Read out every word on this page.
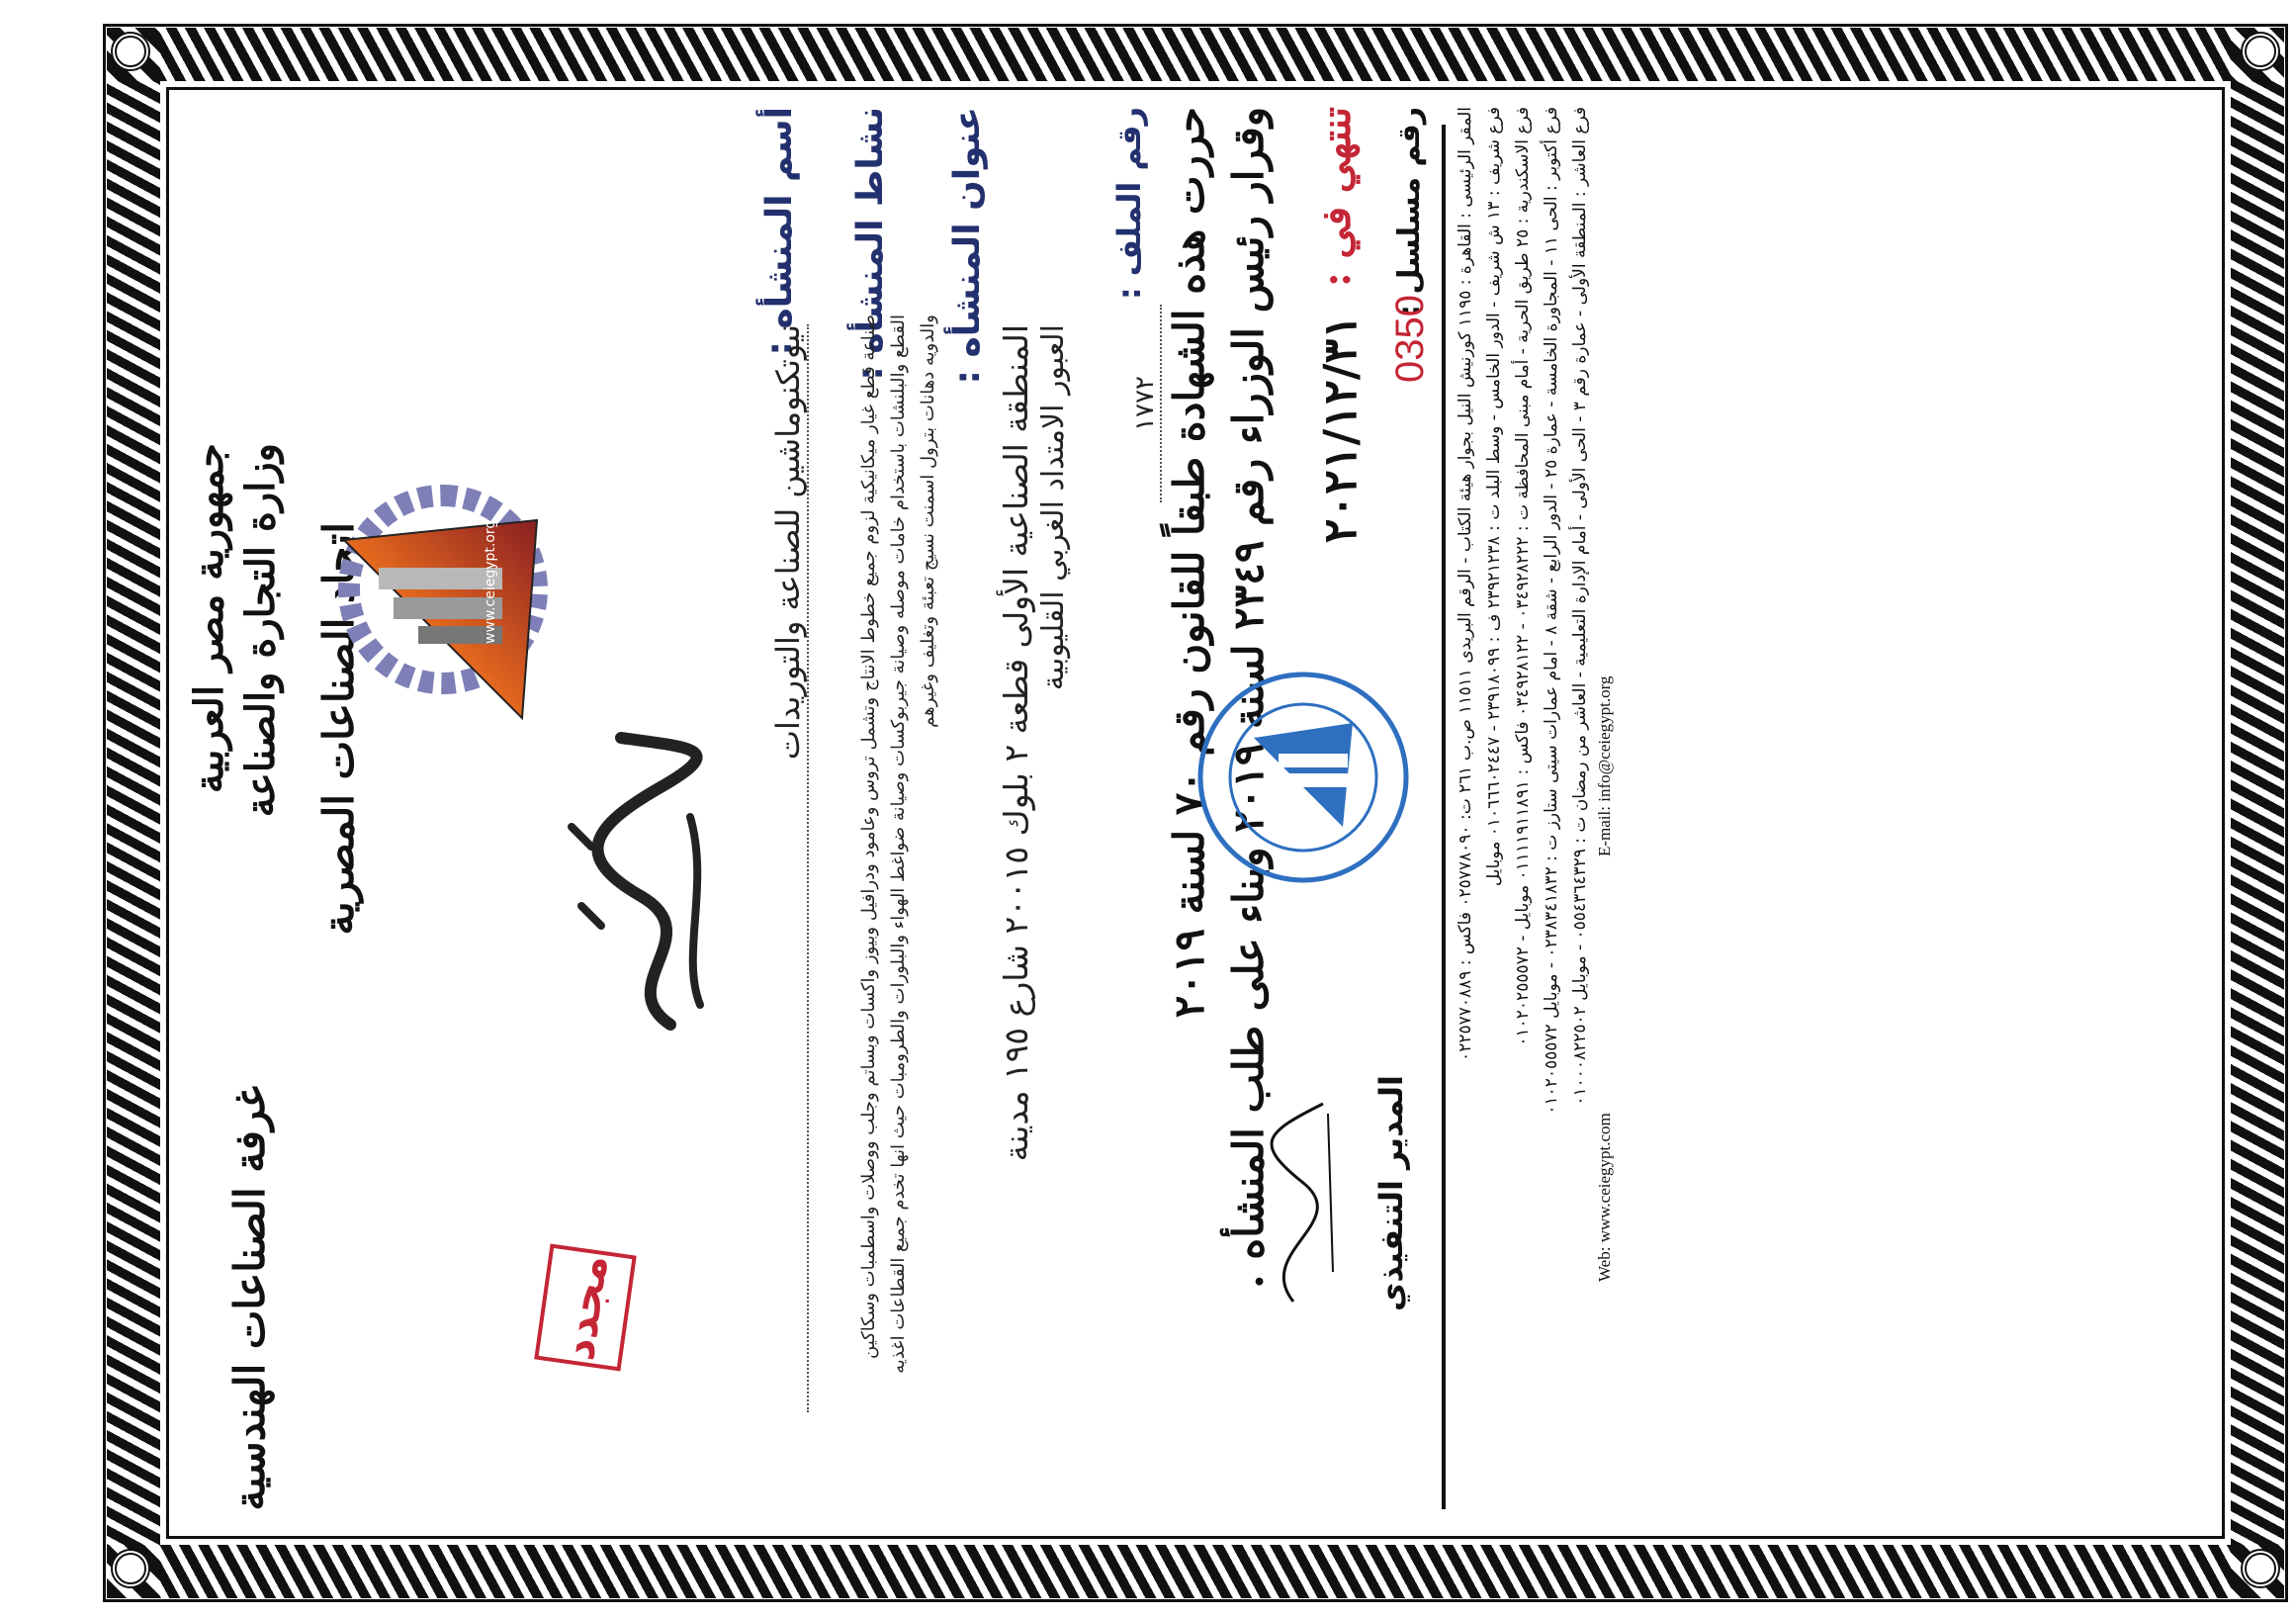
غرفة الصناعات الهندسية
جمهورية مصر العربية وزارة التجارة والصناعة اتحاد الصناعات المصرية	www.ceiegypt.org
مجدد
أسم المنشأه :
نيوتكنوماشين للصناعة والتوريدات
نشاط المنشأه :
صناعة قطع غيار ميكانيكية لزوم جميع خطوط الانتاج وتشمل تروس وعامود ودرافيل وبيوز واكسات وبساتم وجلب ووصلات واسطمبات وسكاكين القطع والبلنشات باستخدام خامات موصله وصيانة جيربوكسات وصيانة ضواغط الهواء والبلورات والطرومبات حيث انها تخدم جميع القطاعات اغذيه والدويه دهانات بترول اسمنت نسيج تعبئة وتغليف وغيرهم
عنوان المنشأه :
المنطقة الصناعية الأولى قطعة ٢ بلوك ٢٠٠١٥ شارع ١٩٥ مدينة العبور الامتداد الغربي القليوبية
رقم الملف :
١٧٧٢
حررت هذه الشهادة طبقاً للقانون رقم ٧٠ لسنة ٢٠١٩
وقرار رئيس الوزراء رقم ٢٣٤٩ لسنة ٢٠١٩ وبناء على طلب المنشأه . تنتهي في :
٢٠٢١/١٢/٣١
المدير التنفيذي
رقم مسلسل :
0350
المقر الرئيسى : القاهرة : ١١٩٥ كورنيش النيل بجوار هيئة الكتاب - الرقم البريدى ١١٥١١ ص.ب ٢٦١ ت: ٠٢٥٧٧٨٠٩٠ فاكس : ٠٢٢٥٧٧٠٨٨٩
فرع شريف : ١٣ ش شريف - الدور الخامس - وسط البلد ت : ٢٣٩٢١٢٣٨ ف : ٢٣٩١٨٠٩٩ - ٠١٠٦٦٦٠٢٤٤٧ موبايل
فرع الاسكندرية : ٢٥ طريق الحرية - أمام مبنى المحافظة ت : ٠٣٤٩٢٨٢٢٢ - ٠٣٤٩٢٨١٢٢ فاكس : ٠١١١١٩١١٨٩١ موبايل - ٠١٠٢٠٢٥٥٥٧٢
فرع أكتوبر : الحى ١١ - المجاورة الخامسة - عمارة ٢٥ - الدور الرابع - شقة ٨ - امام عمارات سيتى ستارز ت : ٠٢٣٨٣٤١٨٣٢ - موبايل ٠١٠٢٠٥٥٥٧٢
فرع العاشر : المنطقة الأولى - عمارة رقم ٣ - الحى الأولى - أمام الإدارة التعليمية - العاشر من رمضان ت : ٠٥٥٤٣٦٤٣٢٩ - موبايل ٠١٠٠٠٨٢٢٥٠٢
E-mail: info@ceiegypt.org
Web: www.ceiegypt.com
